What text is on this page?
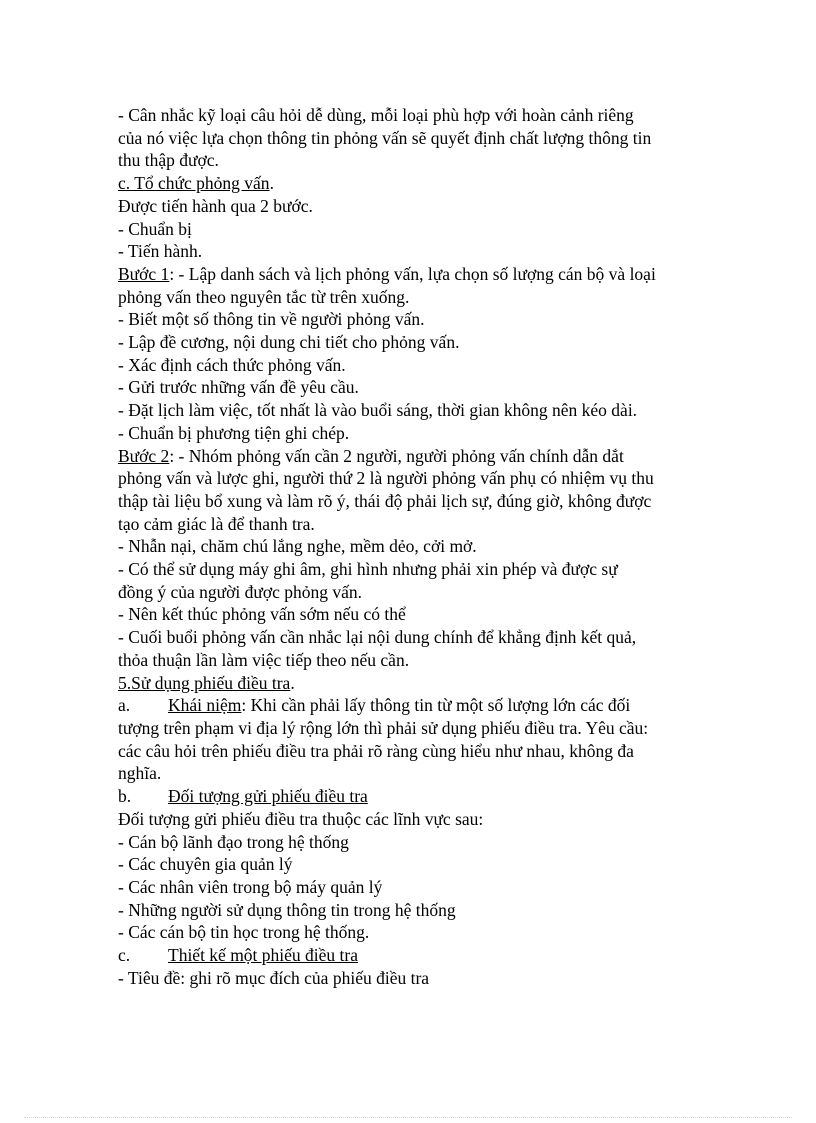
- Cân nhắc kỹ loại câu hỏi dễ dùng, mỗi loại phù hợp với hoàn cảnh riêng

của nó việc lựa chọn thông tin phỏng vấn sẽ quyết định chất lượng thông tin

thu thập được.

c. Tổ chức phỏng vấn.

Được tiến hành qua 2 bước.

- Chuẩn bị

- Tiến hành.

Bước 1: - Lập danh sách và lịch phỏng vấn, lựa chọn số lượng cán bộ và loại

phỏng vấn theo nguyên tắc từ trên xuống.

- Biết một số thông tin về người phỏng vấn.

- Lập đề cương, nội dung chi tiết cho phỏng vấn.

- Xác định cách thức phỏng vấn.

- Gửi trước những vấn đề yêu cầu.

- Đặt lịch làm việc, tốt nhất là vào buổi sáng, thời gian không nên kéo dài.

- Chuẩn bị phương tiện ghi chép.

Bước 2: - Nhóm phỏng vấn cần 2 người, người phỏng vấn chính dẫn dắt

phỏng vấn và lược ghi, người thứ 2 là người phỏng vấn phụ có nhiệm vụ thu

thập tài liệu bổ xung và làm rõ ý, thái độ phải lịch sự, đúng giờ, không được

tạo cảm giác là để thanh tra.

- Nhẫn nại, chăm chú lắng nghe, mềm dẻo, cởi mở.

- Có thể sử dụng máy ghi âm, ghi hình nhưng phải xin phép và được sự

đồng ý của người được phỏng vấn.

- Nên kết thúc phỏng vấn sớm nếu có thể

- Cuối buổi phỏng vấn cần nhắc lại nội dung chính để khẳng định kết quả,

thỏa thuận lần làm việc tiếp theo nếu cần.

5.Sử dụng phiếu điều tra.

a. Khái niệm: Khi cần phải lấy thông tin từ một số lượng lớn các đối

tượng trên phạm vi địa lý rộng lớn thì phải sử dụng phiếu điều tra. Yêu cầu:

các câu hỏi trên phiếu điều tra phải rõ ràng cùng hiểu như nhau, không đa

nghĩa.

b. Đối tượng gửi phiếu điều tra

Đối tượng gửi phiếu điều tra thuộc các lĩnh vực sau:

- Cán bộ lãnh đạo trong hệ thống

- Các chuyên gia quản lý

- Các nhân viên trong bộ máy quản lý

- Những người sử dụng thông tin trong hệ thống

- Các cán bộ tin học trong hệ thống.

c. Thiết kế một phiếu điều tra

- Tiêu đề: ghi rõ mục đích của phiếu điều tra
